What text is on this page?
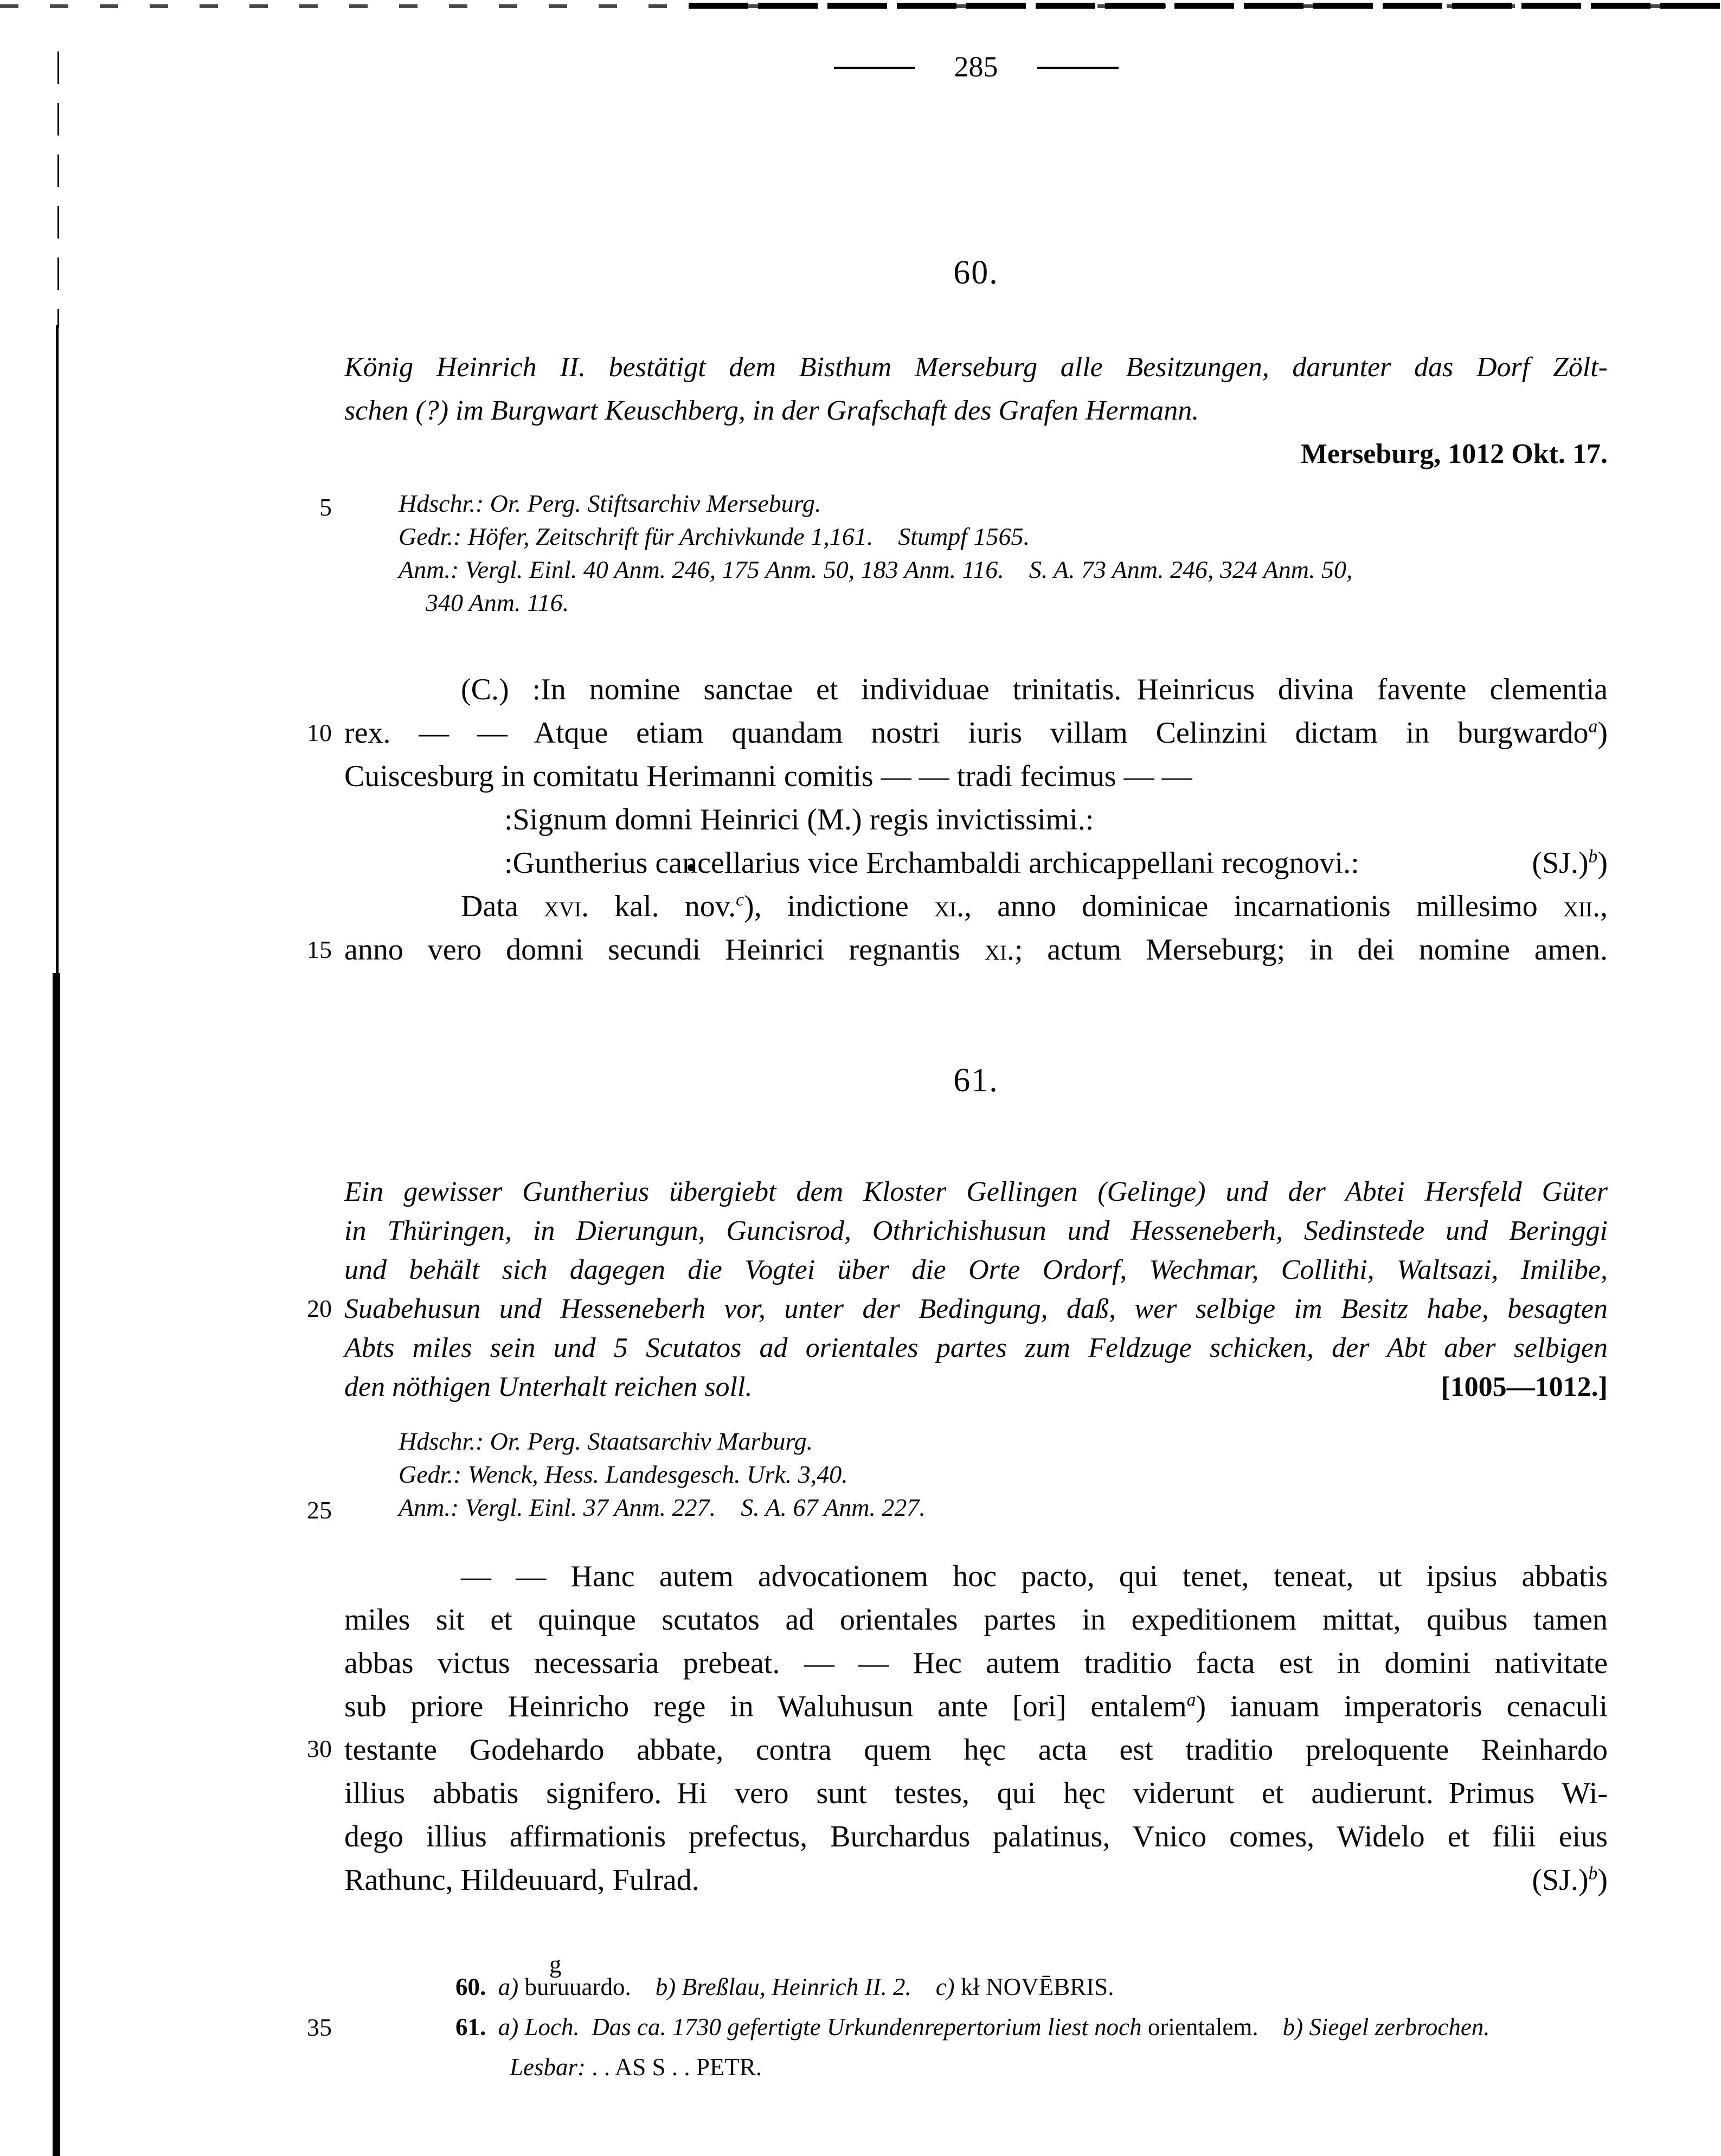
285
60.
König Heinrich II. bestätigt dem Bisthum Merseburg alle Besitzungen, darunter das Dorf Zölt-
schen (?) im Burgwart Keuschberg, in der Grafschaft des Grafen Hermann.
Merseburg, 1012 Okt. 17.
5	Hdschr.: Or. Perg. Stiftsarchiv Merseburg.
Gedr.: Höfer, Zeitschrift für Archivkunde 1,161. Stumpf 1565.
Anm.: Vergl. Einl. 40 Anm. 246, 175 Anm. 50, 183 Anm. 116. S. A. 73 Anm. 246, 324 Anm. 50,
340 Anm. 116.
10
15
(C.) :In nomine sanctae et individuae trinitatis. Heinricus divina favente clementia
rex. — — Atque etiam quandam nostri iuris villam Celinzini dictam in burgwardo$^a$)
Cuiscesburg in comitatu Herimanni comitis — — tradi fecimus — —
:Signum domni Heinrici (M.) regis invictissimi.:
:Guntherius cancellarius vice Erchambaldi archicappellani recognovi.:	$(SJ.)^b$)
Data xvi. kal. nov.$^c$), indictione xi., anno dominicae incarnationis millesimo xii.,
anno vero domni secundi Heinrici regnantis xi.; actum Merseburg; in dei nomine amen.
61.
20
Ein gewisser Guntherius übergiebt dem Kloster Gellingen (Gelinge) und der Abtei Hersfeld Güter
in Thüringen, in Dierungun, Guncisrod, Othrichishusun und Hesseneberh, Sedinstede und Beringgi
und behält sich dagegen die Vogtei über die Orte Ordorf, Wechmar, Collithi, Waltsazi, Imilibe,
Suabehusun und Hesseneberh vor, unter der Bedingung, daß, wer selbige im Besitz habe, besagten
Abts miles sein und 5 Scutatos ad orientales partes zum Feldzuge schicken, der Abt aber selbigen
den nöthigen Unterhalt reichen soll.	[1005—1012.]
25
Hdschr.: Or. Perg. Staatsarchiv Marburg.
Gedr.: Wenck, Hess. Landesgesch. Urk. 3,40.
Anm.: Vergl. Einl. 37 Anm. 227. S. A. 67 Anm. 227.
30
— — Hanc autem advocationem hoc pacto, qui tenet, teneat, ut ipsius abbatis
miles sit et quinque scutatos ad orientales partes in expeditionem mittat, quibus tamen
abbas victus necessaria prebeat. — — Hec autem traditio facta est in domini nativitate
sub priore Heinricho rege in Waluhusun ante [ori] entalem$^a$) ianuam imperatoris cenaculi
testante Godehardo abbate, contra quem hęc acta est traditio preloquente Reinhardo
illius abbatis signifero. Hi vero sunt testes, qui hęc viderunt et audierunt. Primus Wi-
dego illius affirmationis prefectus, Burchardus palatinus, Vnico comes, Widelo et filii eius
Rathunc, Hildeuuard, Fulrad.	$(SJ.)^b$)
35
60.  a) buruuardog. b) Breßlau, Heinrich II. 2.  c) kł NOVĒBRIS.
61.  a) Loch. Das ca. 1730 gefertigte Urkundenrepertorium liest noch orientalem.  b) Siegel zerbrochen.
Lesbar: . . AS S . . PETR.
